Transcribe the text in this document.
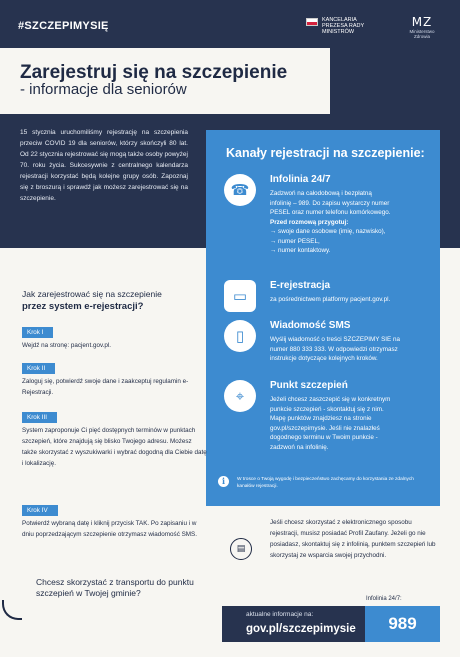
#SZCZEPIMYSIĘ	KANCELARIA PREZESA RADY MINISTRÓW
MZ
Ministerstwo Zdrowia
Zarejestruj się na szczepienie
- informacje dla seniorów
15 stycznia uruchomiliśmy rejestrację na szczepienia przeciw COVID 19 dla seniorów, którzy skończyli 80 lat. Od 22 stycznia rejestrować się mogą także osoby powyżej 70. roku życia. Sukcesywnie z centralnego kalendarza rejestracji korzystać będą kolejne grupy osób. Zapoznaj się z broszurą i sprawdź jak możesz zarejestrować się na szczepienie.
Kanały rejestracji na szczepienie:
☎
Infolinia 24/7
Zadzwoń na całodobową i bezpłatną
infolinię – 989. Do zapisu wystarczy numer
PESEL oraz numer telefonu komórkowego.
Przed rozmową przygotuj:
→ swoje dane osobowe (imię, nazwisko),
→ numer PESEL,
→ numer kontaktowy.
▭
E-rejestracja
za pośrednictwem platformy pacjent.gov.pl.
▯
Wiadomość SMS
Wyślij wiadomość o treści SZCZEPIMY SIE na
numer 880 333 333. W odpowiedzi otrzymasz
instrukcje dotyczące kolejnych kroków.
⌖
Punkt szczepień
Jeżeli chcesz zaszczepić się w konkretnym
punkcie szczepień - skontaktuj się z nim.
Mapę punktów znajdziesz na stronie
gov.pl/szczepimysie. Jeśli nie znalazłeś
dogodnego terminu w Twoim punkcie -
zadzwoń na infolinię.
i	W trosce o Twoją wygodę i bezpieczeństwo zachęcamy do korzystania ze zdalnych kanałów rejestracji.
Jak zarejestrować się na szczepienie
przez system e-rejestracji?
Krok I
Wejdź na stronę: pacjent.gov.pl.
Krok II
Zaloguj się, potwierdź swoje dane i zaakceptuj regulamin e-Rejestracji.
Krok III
System zaproponuje Ci pięć dostępnych terminów w punktach szczepień, które znajdują się blisko Twojego adresu. Możesz także skorzystać z wyszukiwarki i wybrać dogodną dla Ciebie datę i lokalizację.
Krok IV
Potwierdź wybraną datę i kliknij przycisk TAK. Po zapisaniu i w dniu poprzedzającym szczepienie otrzymasz wiadomość SMS.
Chcesz skorzystać z transportu do punktu szczepień w Twojej gminie?
▤
Jeśli chcesz skorzystać z elektronicznego sposobu rejestracji, musisz posiadać Profil Zaufany. Jeżeli go nie posiadasz, skontaktuj się z infolinią, punktem szczepień lub skorzystaj ze wsparcia swojej przychodni.
Infolinia 24/7:
aktualne informacje na:
gov.pl/szczepimysie	989
